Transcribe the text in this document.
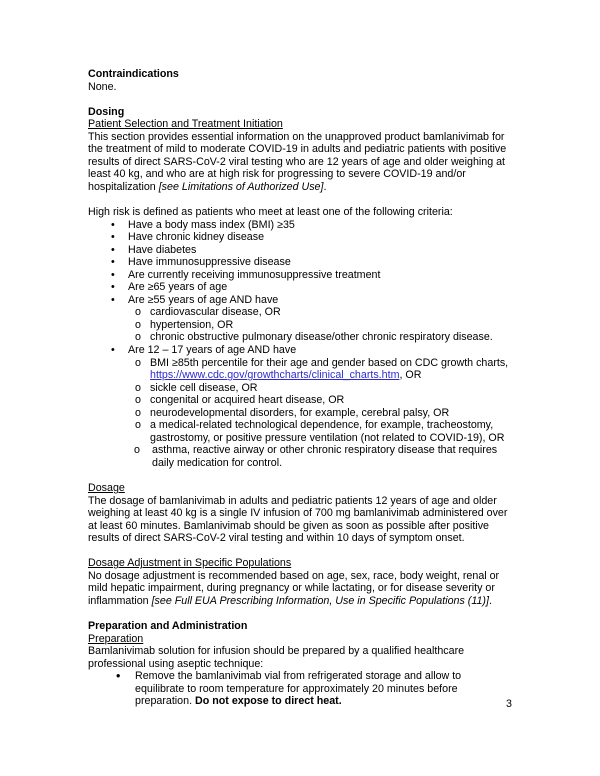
Contraindications
None.
Dosing
Patient Selection and Treatment Initiation

This section provides essential information on the unapproved product bamlanivimab for the treatment of mild to moderate COVID-19 in adults and pediatric patients with positive results of direct SARS-CoV-2 viral testing who are 12 years of age and older weighing at least 40 kg, and who are at high risk for progressing to severe COVID-19 and/or hospitalization [see Limitations of Authorized Use].

High risk is defined as patients who meet at least one of the following criteria:
• Have a body mass index (BMI) ≥35
• Have chronic kidney disease
• Have diabetes
• Have immunosuppressive disease
• Are currently receiving immunosuppressive treatment
• Are ≥65 years of age
• Are ≥55 years of age AND have
o cardiovascular disease, OR
o hypertension, OR
o chronic obstructive pulmonary disease/other chronic respiratory disease.
• Are 12 – 17 years of age AND have
o BMI ≥85th percentile for their age and gender based on CDC growth charts, https://www.cdc.gov/growthcharts/clinical_charts.htm, OR
o sickle cell disease, OR
o congenital or acquired heart disease, OR
o neurodevelopmental disorders, for example, cerebral palsy, OR
o a medical-related technological dependence, for example, tracheostomy, gastrostomy, or positive pressure ventilation (not related to COVID-19), OR
o asthma, reactive airway or other chronic respiratory disease that requires daily medication for control.
Dosage

The dosage of bamlanivimab in adults and pediatric patients 12 years of age and older weighing at least 40 kg is a single IV infusion of 700 mg bamlanivimab administered over at least 60 minutes. Bamlanivimab should be given as soon as possible after positive results of direct SARS-CoV-2 viral testing and within 10 days of symptom onset.

Dosage Adjustment in Specific Populations

No dosage adjustment is recommended based on age, sex, race, body weight, renal or mild hepatic impairment, during pregnancy or while lactating, or for disease severity or inflammation [see Full EUA Prescribing Information, Use in Specific Populations (11)].

Preparation and Administration
Preparation

Bamlanivimab solution for infusion should be prepared by a qualified healthcare professional using aseptic technique:

• Remove the bamlanivimab vial from refrigerated storage and allow to equilibrate to room temperature for approximately 20 minutes before preparation. Do not expose to direct heat.	3
